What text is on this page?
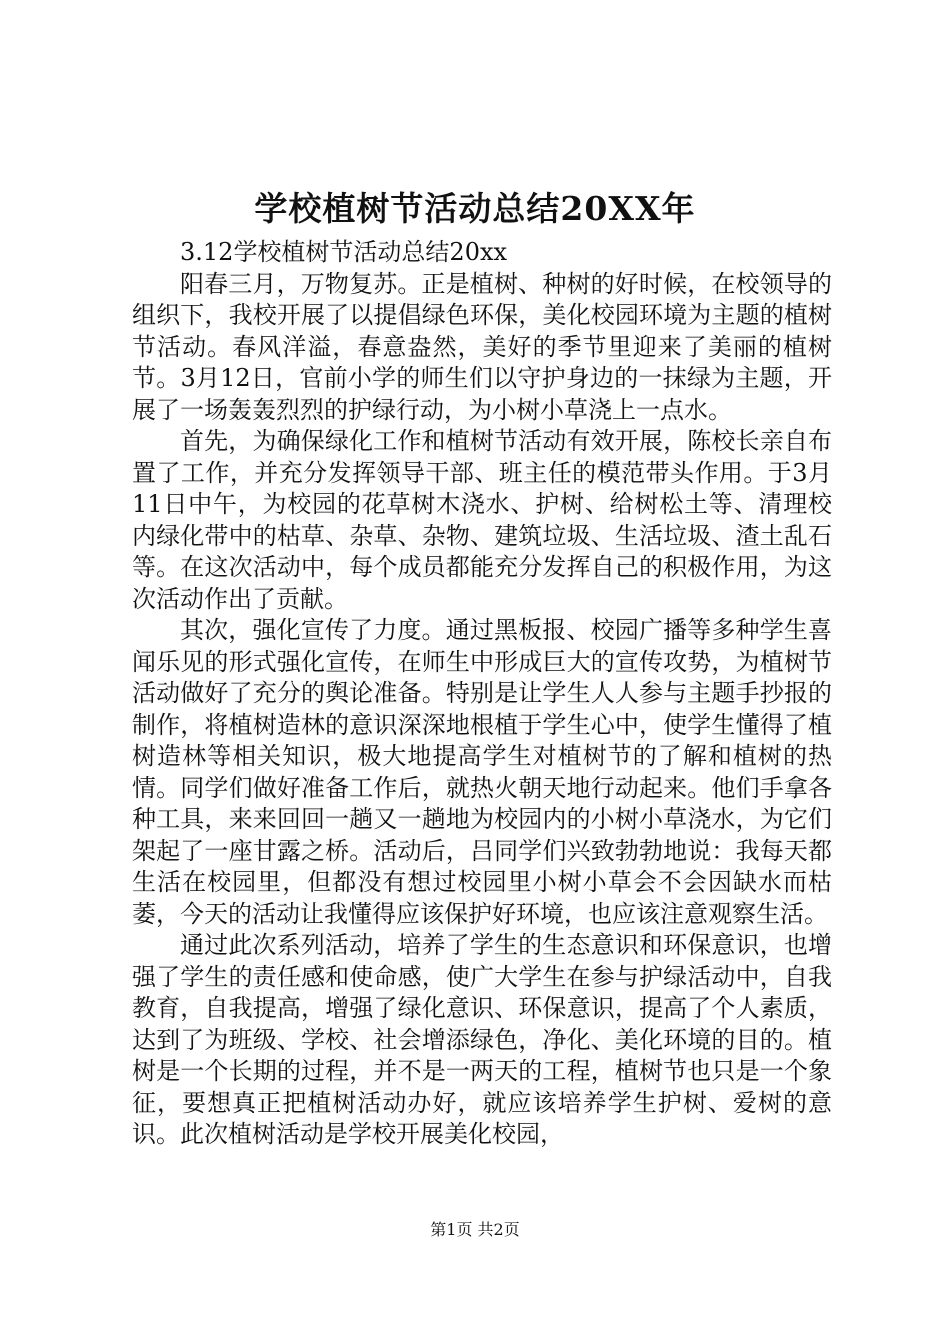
学校植树节活动总结20XX年

3.12学校植树节活动总结20xx

阳春三月，万物复苏。正是植树、种树的好时候，在校领导的组织下，我校开展了以提倡绿色环保，美化校园环境为主题的植树节活动。春风洋溢，春意盎然，美好的季节里迎来了美丽的植树节。3月12日，官前小学的师生们以守护身边的一抹绿为主题，开展了一场轰轰烈烈的护绿行动，为小树小草浇上一点水。

首先，为确保绿化工作和植树节活动有效开展，陈校长亲自布置了工作，并充分发挥领导干部、班主任的模范带头作用。于3月11日中午，为校园的花草树木浇水、护树、给树松土等、清理校内绿化带中的枯草、杂草、杂物、建筑垃圾、生活垃圾、渣土乱石等。在这次活动中，每个成员都能充分发挥自己的积极作用，为这次活动作出了贡献。

其次，强化宣传了力度。通过黑板报、校园广播等多种学生喜闻乐见的形式强化宣传，在师生中形成巨大的宣传攻势，为植树节活动做好了充分的舆论准备。特别是让学生人人参与主题手抄报的制作，将植树造林的意识深深地根植于学生心中，使学生懂得了植树造林等相关知识，极大地提高学生对植树节的了解和植树的热情。同学们做好准备工作后，就热火朝天地行动起来。他们手拿各种工具，来来回回一趟又一趟地为校园内的小树小草浇水，为它们架起了一座甘露之桥。活动后，吕同学们兴致勃勃地说：我每天都生活在校园里，但都没有想过校园里小树小草会不会因缺水而枯萎，今天的活动让我懂得应该保护好环境，也应该注意观察生活。

通过此次系列活动，培养了学生的生态意识和环保意识，也增强了学生的责任感和使命感，使广大学生在参与护绿活动中，自我教育，自我提高，增强了绿化意识、环保意识，提高了个人素质，达到了为班级、学校、社会增添绿色，净化、美化环境的目的。植树是一个长期的过程，并不是一两天的工程，植树节也只是一个象征，要想真正把植树活动办好，就应该培养学生护树、爱树的意识。此次植树活动是学校开展美化校园，

第1页 共2页
